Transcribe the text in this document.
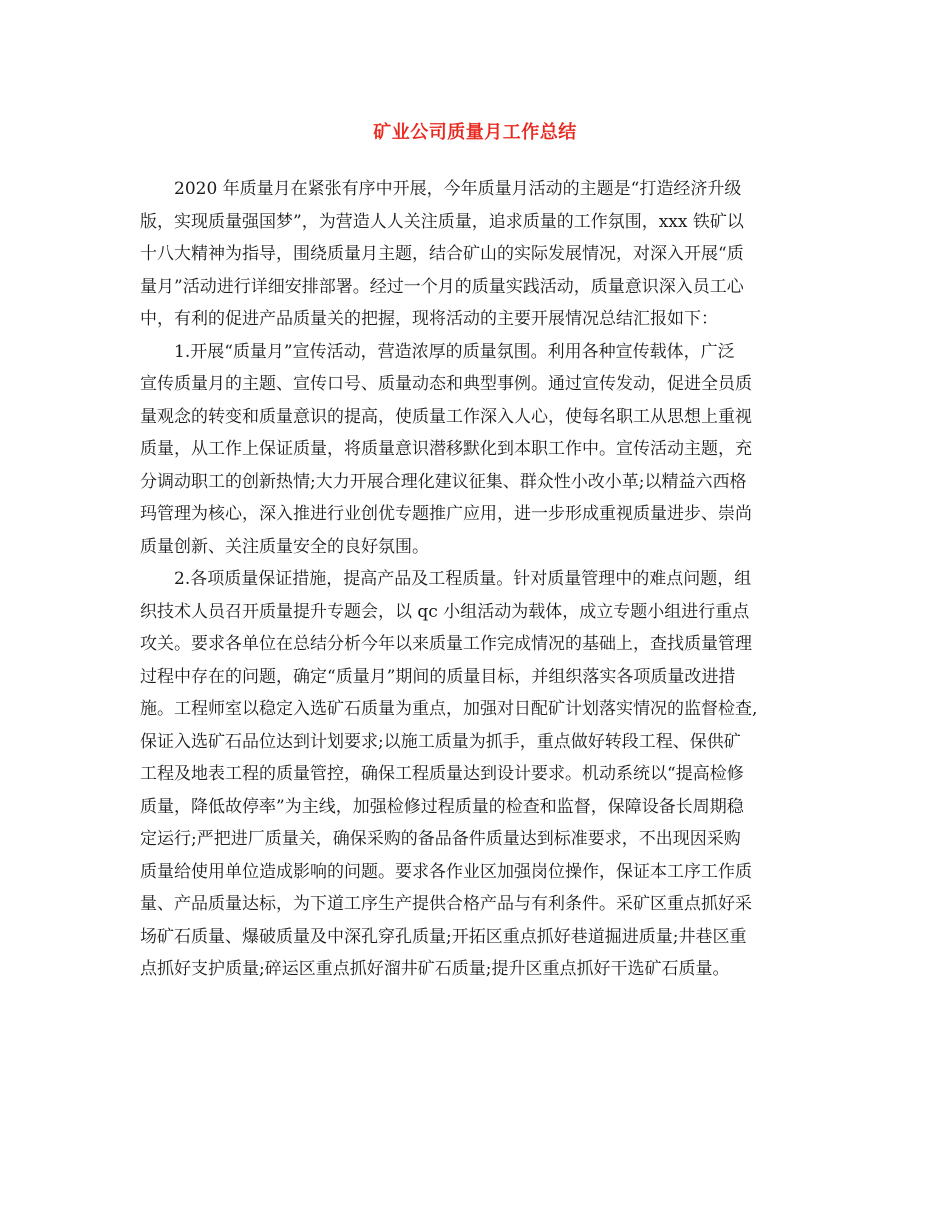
矿业公司质量月工作总结
2020 年质量月在紧张有序中开展，今年质量月活动的主题是“打造经济升级
版，实现质量强国梦”，为营造人人关注质量，追求质量的工作氛围，xxx 铁矿以
十八大精神为指导，围绕质量月主题，结合矿山的实际发展情况，对深入开展“质
量月”活动进行详细安排部署。经过一个月的质量实践活动，质量意识深入员工心
中，有利的促进产品质量关的把握，现将活动的主要开展情况总结汇报如下：
1.开展“质量月”宣传活动，营造浓厚的质量氛围。利用各种宣传载体，广泛
宣传质量月的主题、宣传口号、质量动态和典型事例。通过宣传发动，促进全员质
量观念的转变和质量意识的提高，使质量工作深入人心，使每名职工从思想上重视
质量，从工作上保证质量，将质量意识潜移默化到本职工作中。宣传活动主题，充
分调动职工的创新热情;大力开展合理化建议征集、群众性小改小革;以精益六西格
玛管理为核心，深入推进行业创优专题推广应用，进一步形成重视质量进步、崇尚
质量创新、关注质量安全的良好氛围。
2.各项质量保证措施，提高产品及工程质量。针对质量管理中的难点问题，组
织技术人员召开质量提升专题会，以 qc 小组活动为载体，成立专题小组进行重点
攻关。要求各单位在总结分析今年以来质量工作完成情况的基础上，查找质量管理
过程中存在的问题，确定“质量月”期间的质量目标，并组织落实各项质量改进措
施。工程师室以稳定入选矿石质量为重点，加强对日配矿计划落实情况的监督检查,
保证入选矿石品位达到计划要求;以施工质量为抓手，重点做好转段工程、保供矿
工程及地表工程的质量管控，确保工程质量达到设计要求。机动系统以“提高检修
质量，降低故停率”为主线，加强检修过程质量的检查和监督，保障设备长周期稳
定运行;严把进厂质量关，确保采购的备品备件质量达到标准要求，不出现因采购
质量给使用单位造成影响的问题。要求各作业区加强岗位操作，保证本工序工作质
量、产品质量达标，为下道工序生产提供合格产品与有利条件。采矿区重点抓好采
场矿石质量、爆破质量及中深孔穿孔质量;开拓区重点抓好巷道掘进质量;井巷区重
点抓好支护质量;碎运区重点抓好溜井矿石质量;提升区重点抓好干选矿石质量。
